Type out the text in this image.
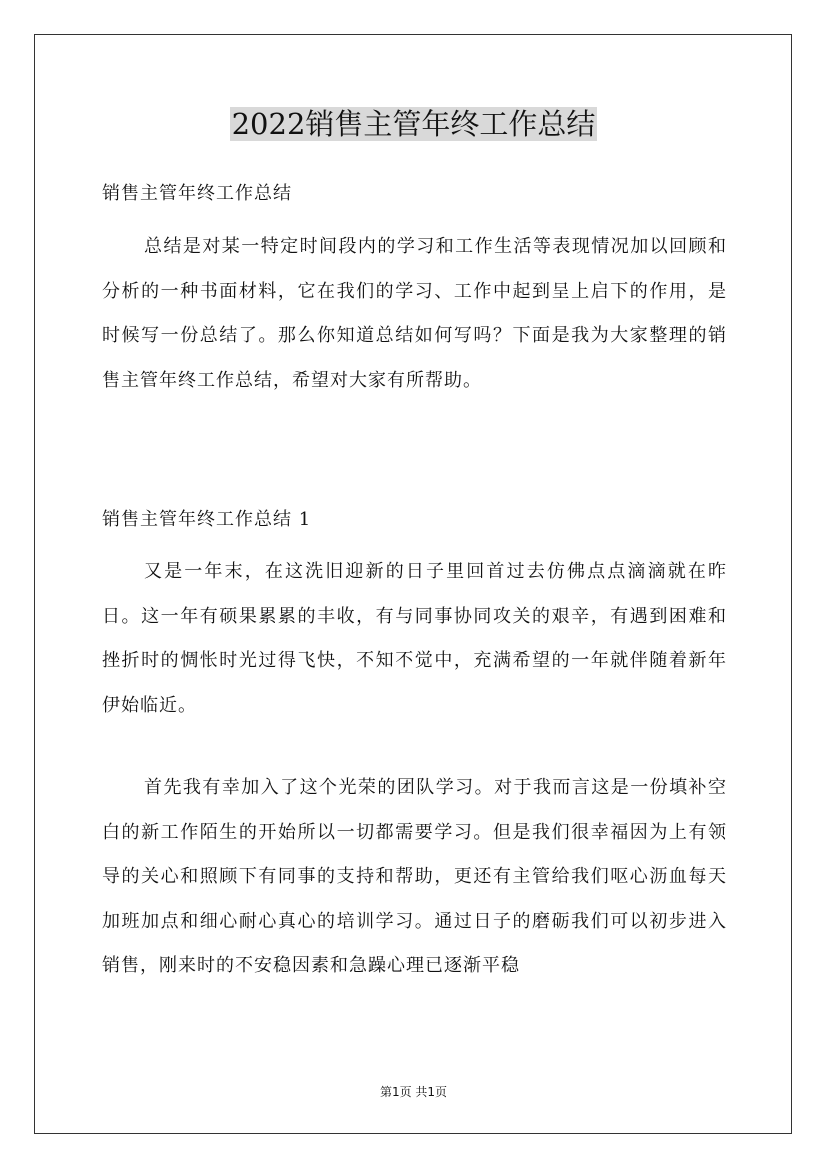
2022销售主管年终工作总结

销售主管年终工作总结

总结是对某一特定时间段内的学习和工作生活等表现情况加以回顾和分析的一种书面材料，它在我们的学习、工作中起到呈上启下的作用，是时候写一份总结了。那么你知道总结如何写吗？下面是我为大家整理的销售主管年终工作总结，希望对大家有所帮助。

销售主管年终工作总结 1

又是一年末，在这洗旧迎新的日子里回首过去仿佛点点滴滴就在昨日。这一年有硕果累累的丰收，有与同事协同攻关的艰辛，有遇到困难和挫折时的惆怅时光过得飞快，不知不觉中，充满希望的一年就伴随着新年伊始临近。

首先我有幸加入了这个光荣的团队学习。对于我而言这是一份填补空白的新工作陌生的开始所以一切都需要学习。但是我们很幸福因为上有领导的关心和照顾下有同事的支持和帮助，更还有主管给我们呕心沥血每天加班加点和细心耐心真心的培训学习。通过日子的磨砺我们可以初步进入销售，刚来时的不安稳因素和急躁心理已逐渐平稳

第1页 共1页
